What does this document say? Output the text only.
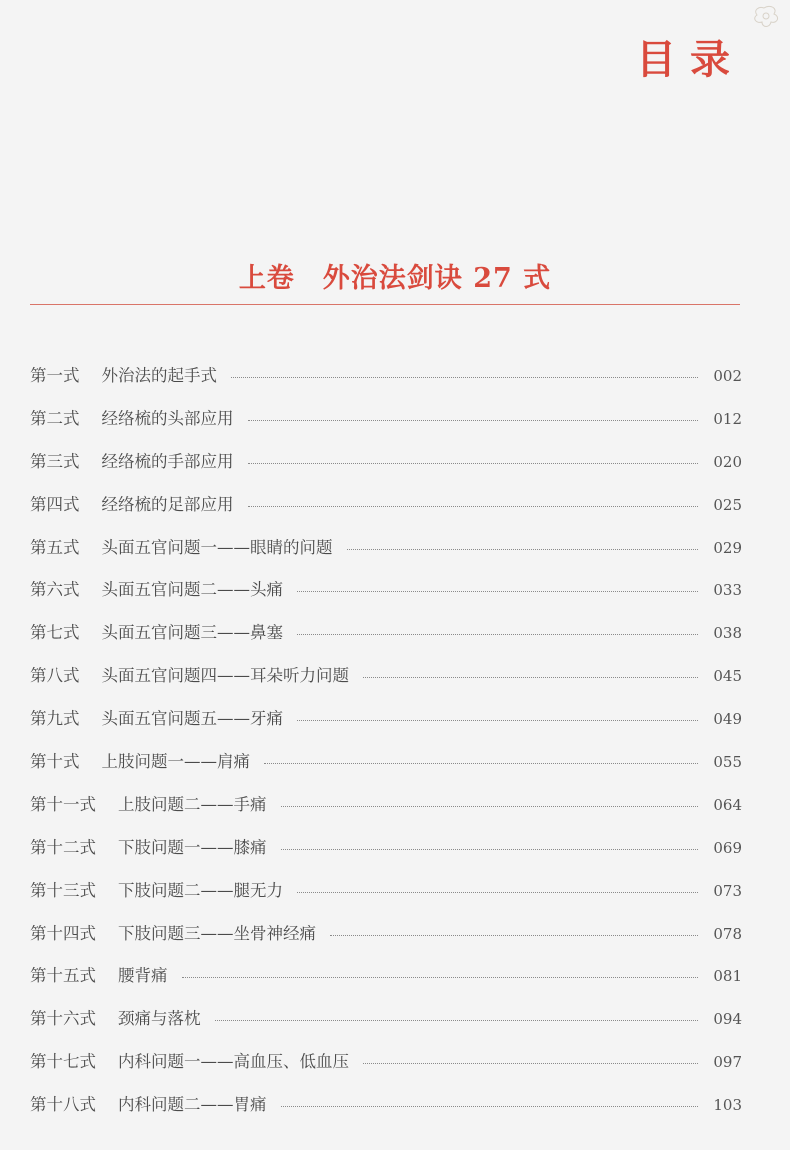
目录
上卷　外治法剑诀 27 式
第一式 外治法的起手式	002
第二式 经络梳的头部应用	012
第三式 经络梳的手部应用	020
第四式 经络梳的足部应用	025
第五式 头面五官问题一——眼睛的问题	029
第六式 头面五官问题二——头痛	033
第七式 头面五官问题三——鼻塞	038
第八式 头面五官问题四——耳朵听力问题	045
第九式 头面五官问题五——牙痛	049
第十式 上肢问题一——肩痛	055
第十一式 上肢问题二——手痛	064
第十二式 下肢问题一——膝痛	069
第十三式 下肢问题二——腿无力	073
第十四式 下肢问题三——坐骨神经痛	078
第十五式 腰背痛	081
第十六式 颈痛与落枕	094
第十七式 内科问题一——高血压、低血压	097
第十八式 内科问题二——胃痛	103
